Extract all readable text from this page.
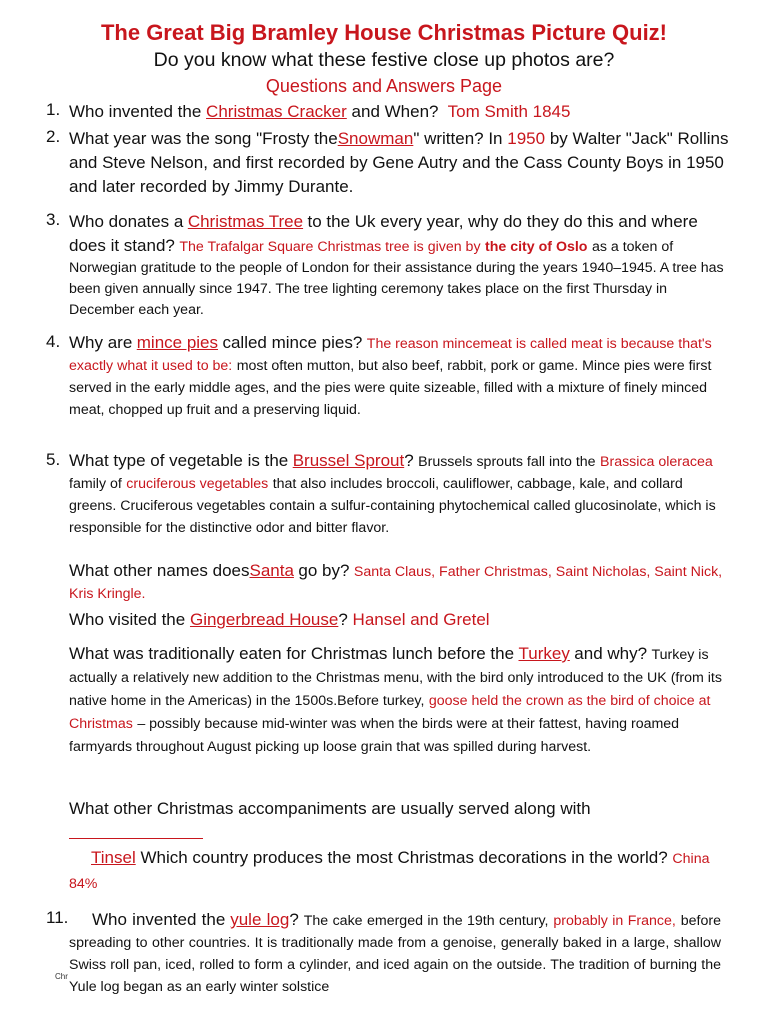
The Great Big Bramley House Christmas Picture Quiz!
Do you know what these festive close up photos are?
Questions and Answers Page
1. Who invented the Christmas Cracker and When? Tom Smith 1845
2. What year was the song "Frosty theSnowman" written? In 1950 by Walter "Jack" Rollins and Steve Nelson, and first recorded by Gene Autry and the Cass County Boys in 1950 and later recorded by Jimmy Durante.
3. Who donates a Christmas Tree to the Uk every year, why do they do this and where does it stand? The Trafalgar Square Christmas tree is given by the city of Oslo as a token of Norwegian gratitude to the people of London for their assistance during the years 1940–1945. A tree has been given annually since 1947. The tree lighting ceremony takes place on the first Thursday in December each year.
4. Why are mince pies called mince pies? The reason mincemeat is called meat is because that's exactly what it used to be: most often mutton, but also beef, rabbit, pork or game. Mince pies were first served in the early middle ages, and the pies were quite sizeable, filled with a mixture of finely minced meat, chopped up fruit and a preserving liquid.
5. What type of vegetable is the Brussel Sprout? Brussels sprouts fall into the Brassica oleracea family of cruciferous vegetables that also includes broccoli, cauliflower, cabbage, kale, and collard greens. Cruciferous vegetables contain a sulfur-containing phytochemical called glucosinolate, which is responsible for the distinctive odor and bitter flavor.
What other names doesSanta go by? Santa Claus, Father Christmas, Saint Nicholas, Saint Nick, Kris Kringle.
Who visited the Gingerbread House? Hansel and Gretel
What was traditionally eaten for Christmas lunch before the Turkey and why? Turkey is actually a relatively new addition to the Christmas menu, with the bird only introduced to the UK (from its native home in the Americas) in the 1500s.Before turkey, goose held the crown as the bird of choice at Christmas – possibly because mid-winter was when the birds were at their fattest, having roamed farmyards throughout August picking up loose grain that was spilled during harvest.
What other Christmas accompaniments are usually served along with
Tinsel Which country produces the most Christmas decorations in the world? China 84%
11.	Who invented the yule log? The cake emerged in the 19th century, probably in France, before spreading to other countries. It is traditionally made from a genoise, generally baked in a large, shallow Swiss roll pan, iced, rolled to form a cylinder, and iced again on the outside. The tradition of burning the Yule log began as an early winter solstice
Chr
